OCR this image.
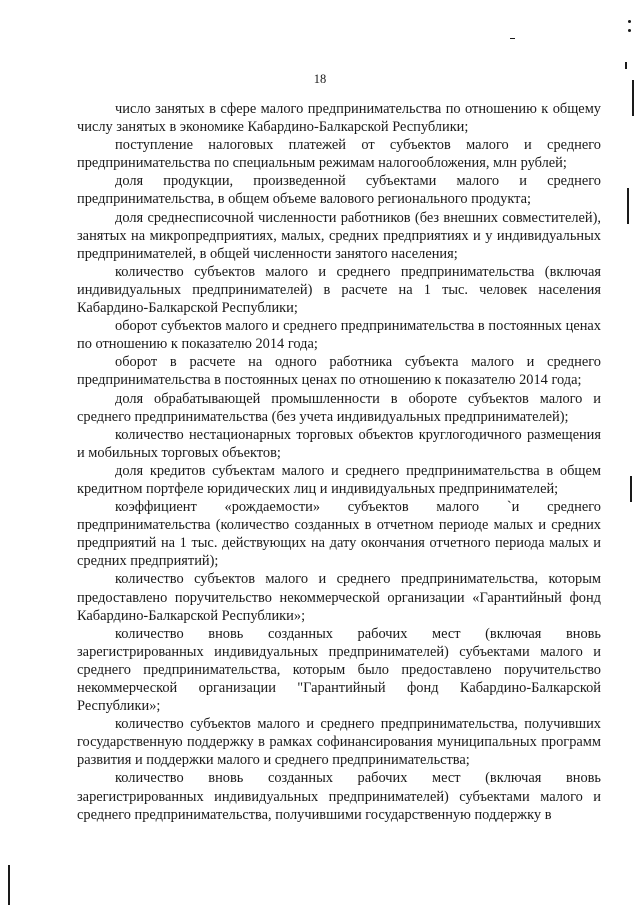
18

число занятых в сфере малого предпринимательства по отношению к общему числу занятых в экономике Кабардино-Балкарской Республики;

поступление налоговых платежей от субъектов малого и среднего предпринимательства по специальным режимам налогообложения, млн рублей;

доля продукции, произведенной субъектами малого и среднего предпринимательства, в общем объеме валового регионального продукта;

доля среднесписочной численности работников (без внешних совместителей), занятых на микропредприятиях, малых, средних предприятиях и у индивидуальных предпринимателей, в общей численности занятого населения;

количество субъектов малого и среднего предпринимательства (включая индивидуальных предпринимателей) в расчете на 1 тыс. человек населения Кабардино-Балкарской Республики;

оборот субъектов малого и среднего предпринимательства в постоянных ценах по отношению к показателю 2014 года;

оборот в расчете на одного работника субъекта малого и среднего предпринимательства в постоянных ценах по отношению к показателю 2014 года;

доля обрабатывающей промышленности в обороте субъектов малого и среднего предпринимательства (без учета индивидуальных предпринимателей);

количество нестационарных торговых объектов круглогодичного размещения и мобильных торговых объектов;

доля кредитов субъектам малого и среднего предпринимательства в общем кредитном портфеле юридических лиц и индивидуальных предпринимателей;

коэффициент «рождаемости» субъектов малого `и среднего предпринимательства (количество созданных в отчетном периоде малых и средних предприятий на 1 тыс. действующих на дату окончания отчетного периода малых и средних предприятий);

количество субъектов малого и среднего предпринимательства, которым предоставлено поручительство некоммерческой организации «Гарантийный фонд Кабардино-Балкарской Республики»;

количество вновь созданных рабочих мест (включая вновь зарегистрированных индивидуальных предпринимателей) субъектами малого и среднего предпринимательства, которым было предоставлено поручительство некоммерческой организации "Гарантийный фонд Кабардино-Балкарской Республики»;

количество субъектов малого и среднего предпринимательства, получивших государственную поддержку в рамках софинансирования муниципальных программ развития и поддержки малого и среднего предпринимательства;

количество вновь созданных рабочих мест (включая вновь зарегистрированных индивидуальных предпринимателей) субъектами малого и среднего предпринимательства, получившими государственную поддержку в
